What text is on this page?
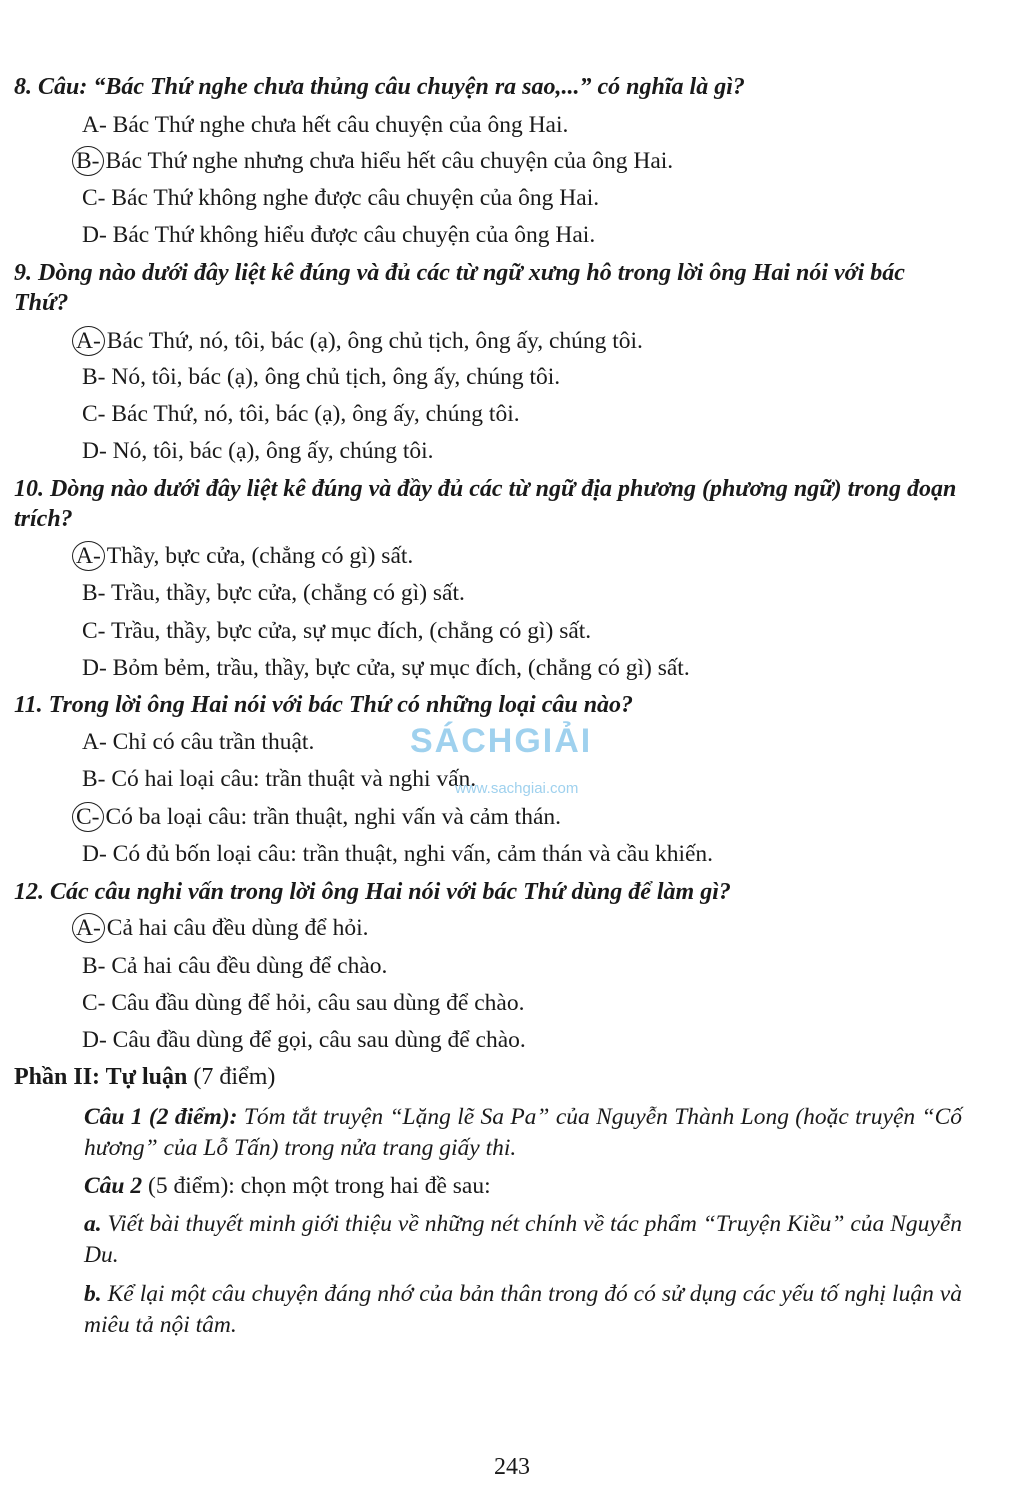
8. Câu: “Bác Thứ nghe chưa thủng câu chuyện ra sao,...” có nghĩa là gì?
A- Bác Thứ nghe chưa hết câu chuyện của ông Hai.
B- Bác Thứ nghe nhưng chưa hiểu hết câu chuyện của ông Hai.
C- Bác Thứ không nghe được câu chuyện của ông Hai.
D- Bác Thứ không hiểu được câu chuyện của ông Hai.
9. Dòng nào dưới đây liệt kê đúng và đủ các từ ngữ xưng hô trong lời ông Hai nói với bác Thứ?
A- Bác Thứ, nó, tôi, bác (ạ), ông chủ tịch, ông ấy, chúng tôi.
B- Nó, tôi, bác (ạ), ông chủ tịch, ông ấy, chúng tôi.
C- Bác Thứ, nó, tôi, bác (ạ), ông ấy, chúng tôi.
D- Nó, tôi, bác (ạ), ông ấy, chúng tôi.
10. Dòng nào dưới đây liệt kê đúng và đầy đủ các từ ngữ địa phương (phương ngữ) trong đoạn trích?
A- Thầy, bực cửa, (chẳng có gì) sất.
B- Trầu, thầy, bực cửa, (chẳng có gì) sất.
C- Trầu, thầy, bực cửa, sự mục đích, (chẳng có gì) sất.
D- Bỏm bẻm, trầu, thầy, bực cửa, sự mục đích, (chẳng có gì) sất.
11. Trong lời ông Hai nói với bác Thứ có những loại câu nào?
A- Chỉ có câu trần thuật.
B- Có hai loại câu: trần thuật và nghi vấn.
C- Có ba loại câu: trần thuật, nghi vấn và cảm thán.
D- Có đủ bốn loại câu: trần thuật, nghi vấn, cảm thán và cầu khiến.
12. Các câu nghi vấn trong lời ông Hai nói với bác Thứ dùng để làm gì?
A- Cả hai câu đều dùng để hỏi.
B- Cả hai câu đều dùng để chào.
C- Câu đầu dùng để hỏi, câu sau dùng để chào.
D- Câu đầu dùng để gọi, câu sau dùng để chào.
Phần II: Tự luận (7 điểm)
Câu 1 (2 điểm): Tóm tắt truyện “Lặng lẽ Sa Pa” của Nguyễn Thành Long (hoặc truyện “Cố hương” của Lỗ Tấn) trong nửa trang giấy thi.
Câu 2 (5 điểm): chọn một trong hai đề sau:
a. Viết bài thuyết minh giới thiệu về những nét chính về tác phẩm “Truyện Kiều” của Nguyễn Du.
b. Kể lại một câu chuyện đáng nhớ của bản thân trong đó có sử dụng các yếu tố nghị luận và miêu tả nội tâm.
SÁCHGIẢI
www.sachgiai.com
243
